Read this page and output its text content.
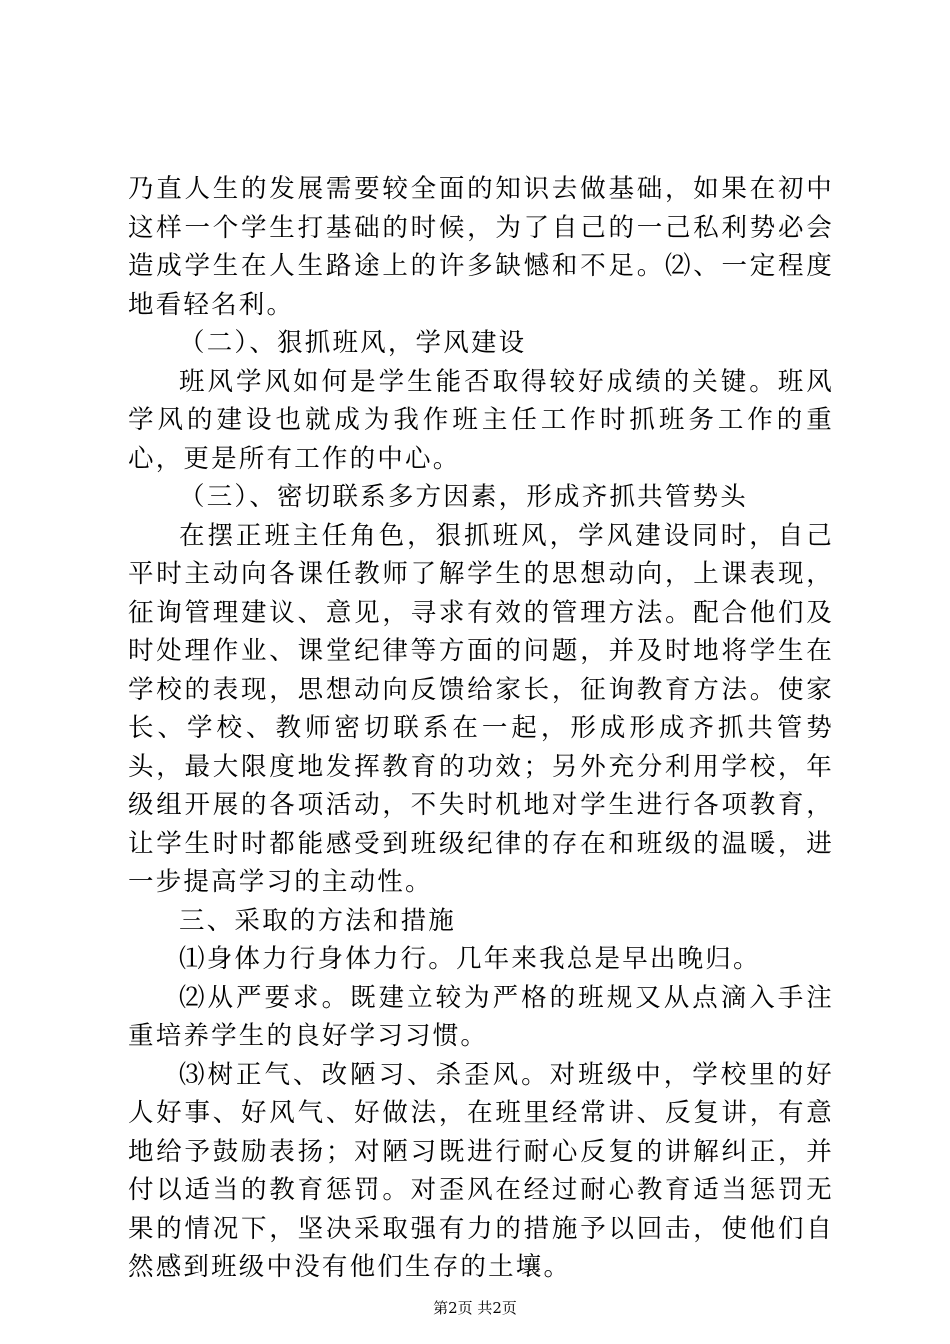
乃直人生的发展需要较全面的知识去做基础，如果在初中这样一个学生打基础的时候，为了自己的一己私利势必会造成学生在人生路途上的许多缺憾和不足。⑵、一定程度地看轻名利。

（二）、狠抓班风，学风建设

班风学风如何是学生能否取得较好成绩的关键。班风学风的建设也就成为我作班主任工作时抓班务工作的重心，更是所有工作的中心。

（三）、密切联系多方因素，形成齐抓共管势头

在摆正班主任角色，狠抓班风，学风建设同时，自己平时主动向各课任教师了解学生的思想动向，上课表现，征询管理建议、意见，寻求有效的管理方法。配合他们及时处理作业、课堂纪律等方面的问题，并及时地将学生在学校的表现，思想动向反馈给家长，征询教育方法。使家长、学校、教师密切联系在一起，形成形成齐抓共管势头，最大限度地发挥教育的功效；另外充分利用学校，年级组开展的各项活动，不失时机地对学生进行各项教育，让学生时时都能感受到班级纪律的存在和班级的温暖，进一步提高学习的主动性。

三、采取的方法和措施

⑴身体力行身体力行。几年来我总是早出晚归。

⑵从严要求。既建立较为严格的班规又从点滴入手注重培养学生的良好学习习惯。

⑶树正气、改陋习、杀歪风。对班级中，学校里的好人好事、好风气、好做法，在班里经常讲、反复讲，有意地给予鼓励表扬；对陋习既进行耐心反复的讲解纠正，并付以适当的教育惩罚。对歪风在经过耐心教育适当惩罚无果的情况下，坚决采取强有力的措施予以回击，使他们自然感到班级中没有他们生存的土壤。

第2页 共2页
